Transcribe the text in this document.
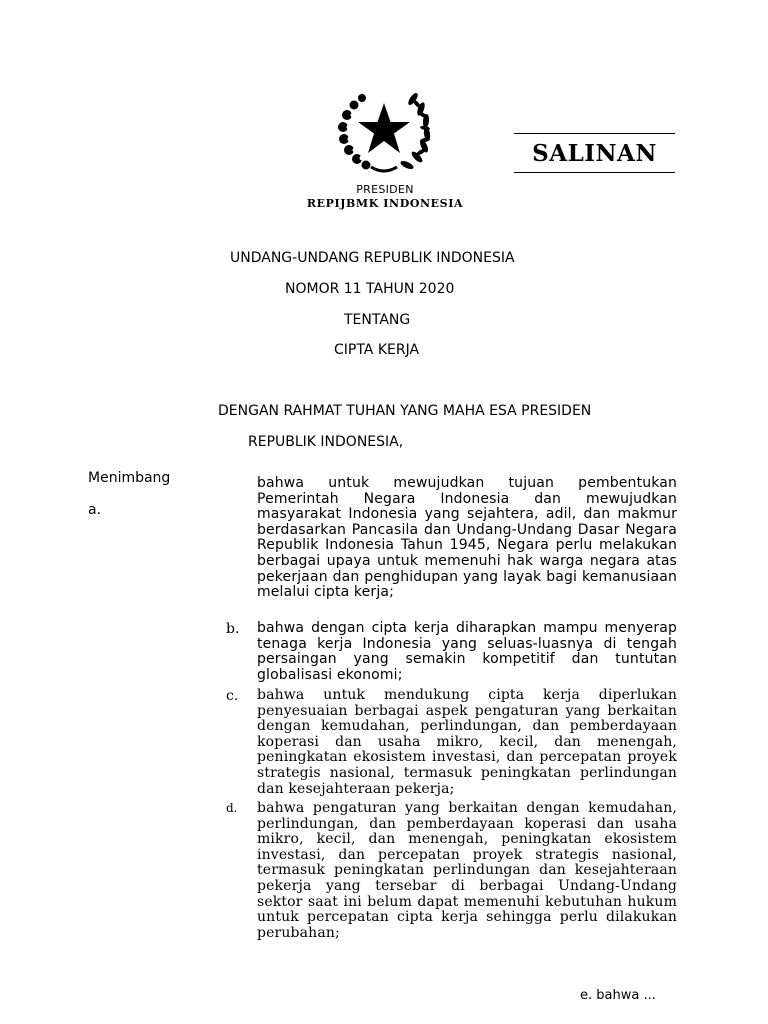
SALINAN
PRESIDEN
REPIJBMK INDONESIA
UNDANG-UNDANG REPUBLIK INDONESIA
NOMOR 11 TAHUN 2020
TENTANG
CIPTA KERJA
DENGAN RAHMAT TUHAN YANG MAHA ESA PRESIDEN
REPUBLIK INDONESIA,
Menimbang
a.
bahwa untuk mewujudkan tujuan pembentukan Pemerintah Negara Indonesia dan mewujudkan masyarakat Indonesia yang sejahtera, adil, dan makmur berdasarkan Pancasila dan Undang-Undang Dasar Negara Republik Indonesia Tahun 1945, Negara perlu melakukan berbagai upaya untuk memenuhi hak warga negara atas pekerjaan dan penghidupan yang layak bagi kemanusiaan melalui cipta kerja;
b. bahwa dengan cipta kerja diharapkan mampu menyerap tenaga kerja Indonesia yang seluas-luasnya di tengah persaingan yang semakin kompetitif dan tuntutan globalisasi ekonomi;
c. bahwa untuk mendukung cipta kerja diperlukan penyesuaian berbagai aspek pengaturan yang berkaitan dengan kemudahan, perlindungan, dan pemberdayaan koperasi dan usaha mikro, kecil, dan menengah, peningkatan ekosistem investasi, dan percepatan proyek strategis nasional, termasuk peningkatan perlindungan dan kesejahteraan pekerja;
d. bahwa pengaturan yang berkaitan dengan kemudahan, perlindungan, dan pemberdayaan koperasi dan usaha mikro, kecil, dan menengah, peningkatan ekosistem investasi, dan percepatan proyek strategis nasional, termasuk peningkatan perlindungan dan kesejahteraan pekerja yang tersebar di berbagai Undang-Undang sektor saat ini belum dapat memenuhi kebutuhan hukum untuk percepatan cipta kerja sehingga perlu dilakukan perubahan;
e. bahwa ...
